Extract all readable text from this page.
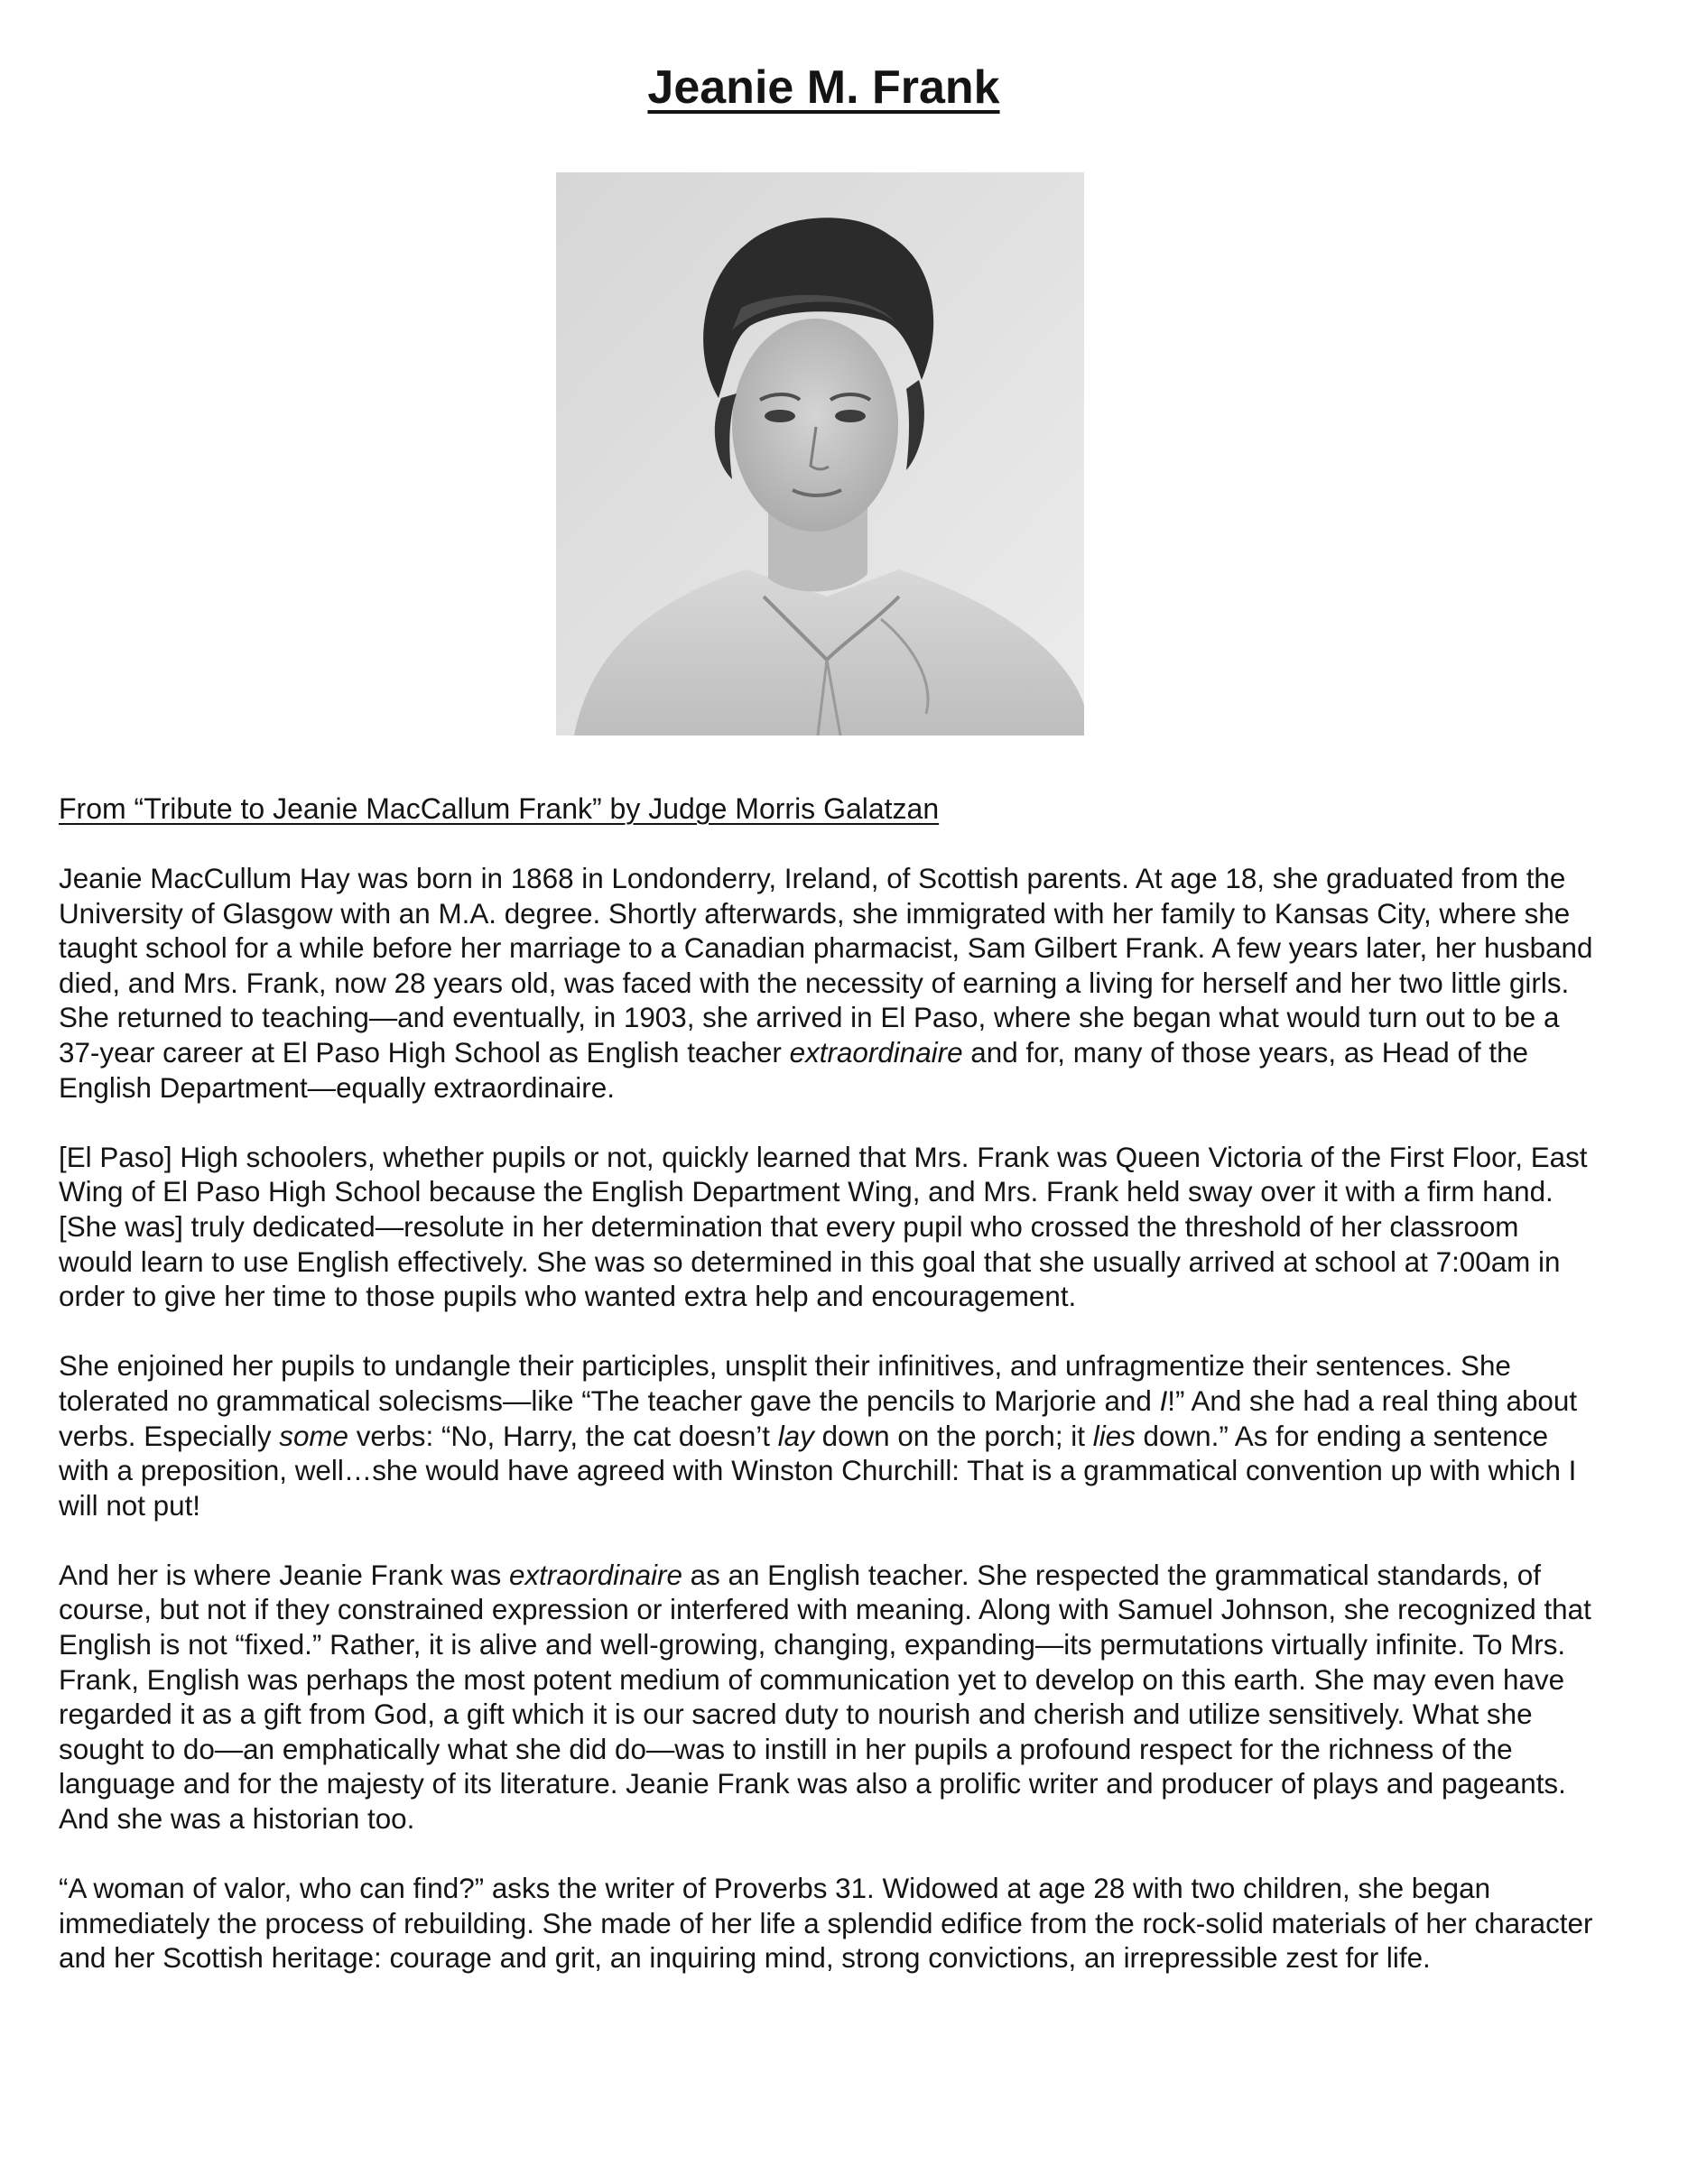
Jeanie M. Frank

From “Tribute to Jeanie MacCallum Frank” by Judge Morris Galatzan

Jeanie MacCullum Hay was born in 1868 in Londonderry, Ireland, of Scottish parents. At age 18, she graduated from the University of Glasgow with an M.A. degree. Shortly afterwards, she immigrated with her family to Kansas City, where she taught school for a while before her marriage to a Canadian pharmacist, Sam Gilbert Frank. A few years later, her husband died, and Mrs. Frank, now 28 years old, was faced with the necessity of earning a living for herself and her two little girls. She returned to teaching—and eventually, in 1903, she arrived in El Paso, where she began what would turn out to be a 37-year career at El Paso High School as English teacher extraordinaire and for, many of those years, as Head of the English Department—equally extraordinaire.

[El Paso] High schoolers, whether pupils or not, quickly learned that Mrs. Frank was Queen Victoria of the First Floor, East Wing of El Paso High School because the English Department Wing, and Mrs. Frank held sway over it with a firm hand. [She was] truly dedicated—resolute in her determination that every pupil who crossed the threshold of her classroom would learn to use English effectively. She was so determined in this goal that she usually arrived at school at 7:00am in order to give her time to those pupils who wanted extra help and encouragement.

She enjoined her pupils to undangle their participles, unsplit their infinitives, and unfragmentize their sentences. She tolerated no grammatical solecisms—like “The teacher gave the pencils to Marjorie and I!” And she had a real thing about verbs. Especially some verbs: “No, Harry, the cat doesn’t lay down on the porch; it lies down.” As for ending a sentence with a preposition, well…she would have agreed with Winston Churchill: That is a grammatical convention up with which I will not put!

And her is where Jeanie Frank was extraordinaire as an English teacher. She respected the grammatical standards, of course, but not if they constrained expression or interfered with meaning. Along with Samuel Johnson, she recognized that English is not “fixed.” Rather, it is alive and well-growing, changing, expanding—its permutations virtually infinite. To Mrs. Frank, English was perhaps the most potent medium of communication yet to develop on this earth. She may even have regarded it as a gift from God, a gift which it is our sacred duty to nourish and cherish and utilize sensitively. What she sought to do—an emphatically what she did do—was to instill in her pupils a profound respect for the richness of the language and for the majesty of its literature. Jeanie Frank was also a prolific writer and producer of plays and pageants. And she was a historian too.

“A woman of valor, who can find?” asks the writer of Proverbs 31. Widowed at age 28 with two children, she began immediately the process of rebuilding. She made of her life a splendid edifice from the rock-solid materials of her character and her Scottish heritage: courage and grit, an inquiring mind, strong convictions, an irrepressible zest for life.
